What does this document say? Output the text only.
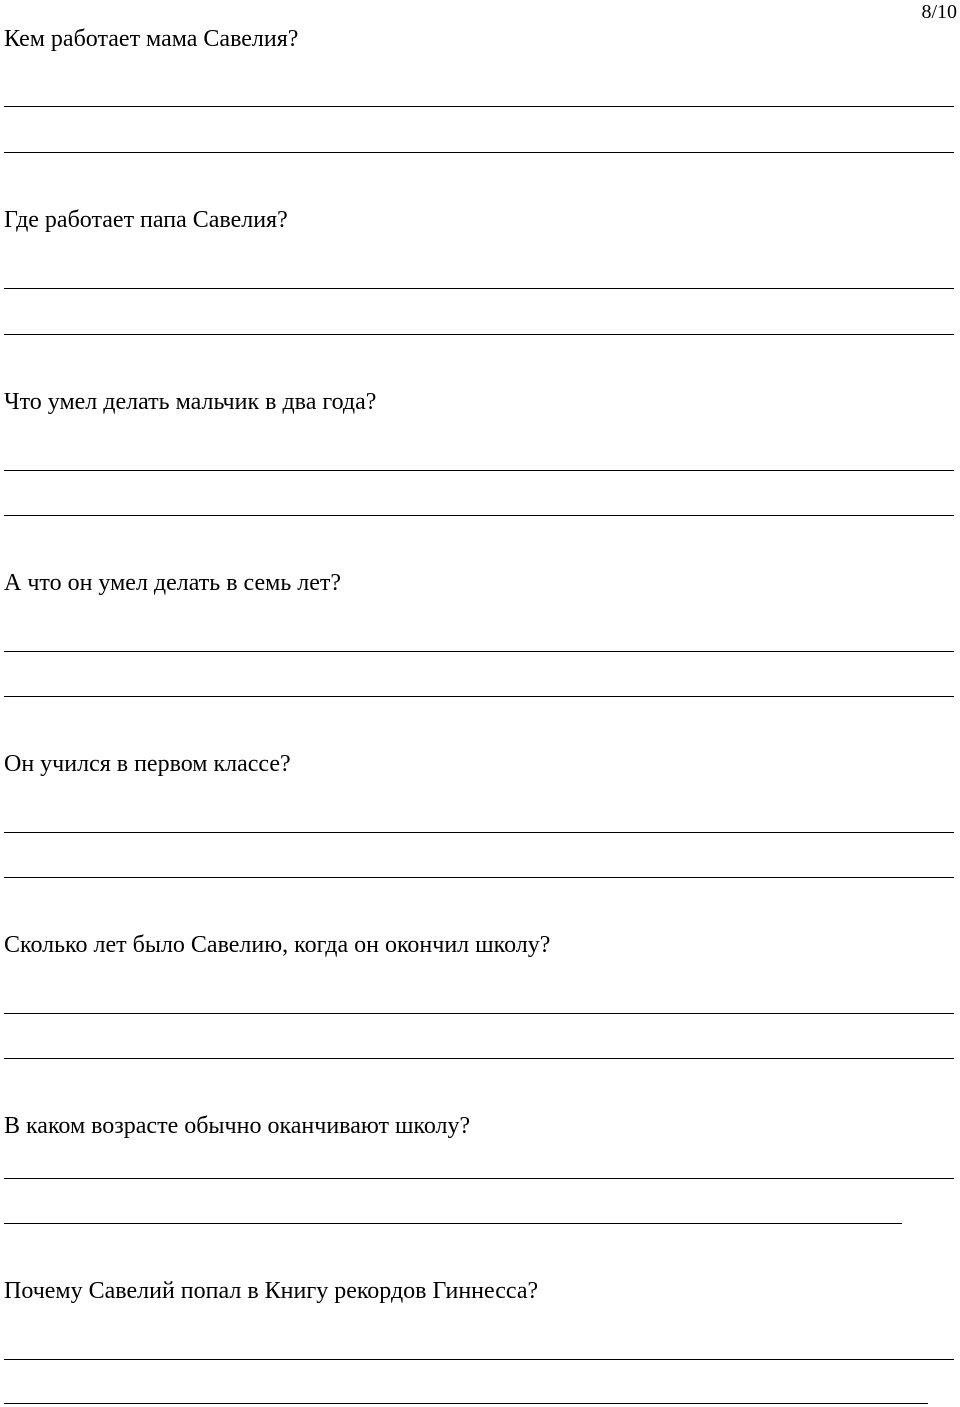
8/10
Кем работает мама Савелия?
Где работает папа Савелия?
Что умел делать мальчик в два года?
А что он умел делать в семь лет?
Он учился в первом классе?
Сколько лет было Савелию, когда он окончил школу?
В каком возрасте обычно оканчивают школу?
Почему Савелий попал в Книгу рекордов Гиннесса?
